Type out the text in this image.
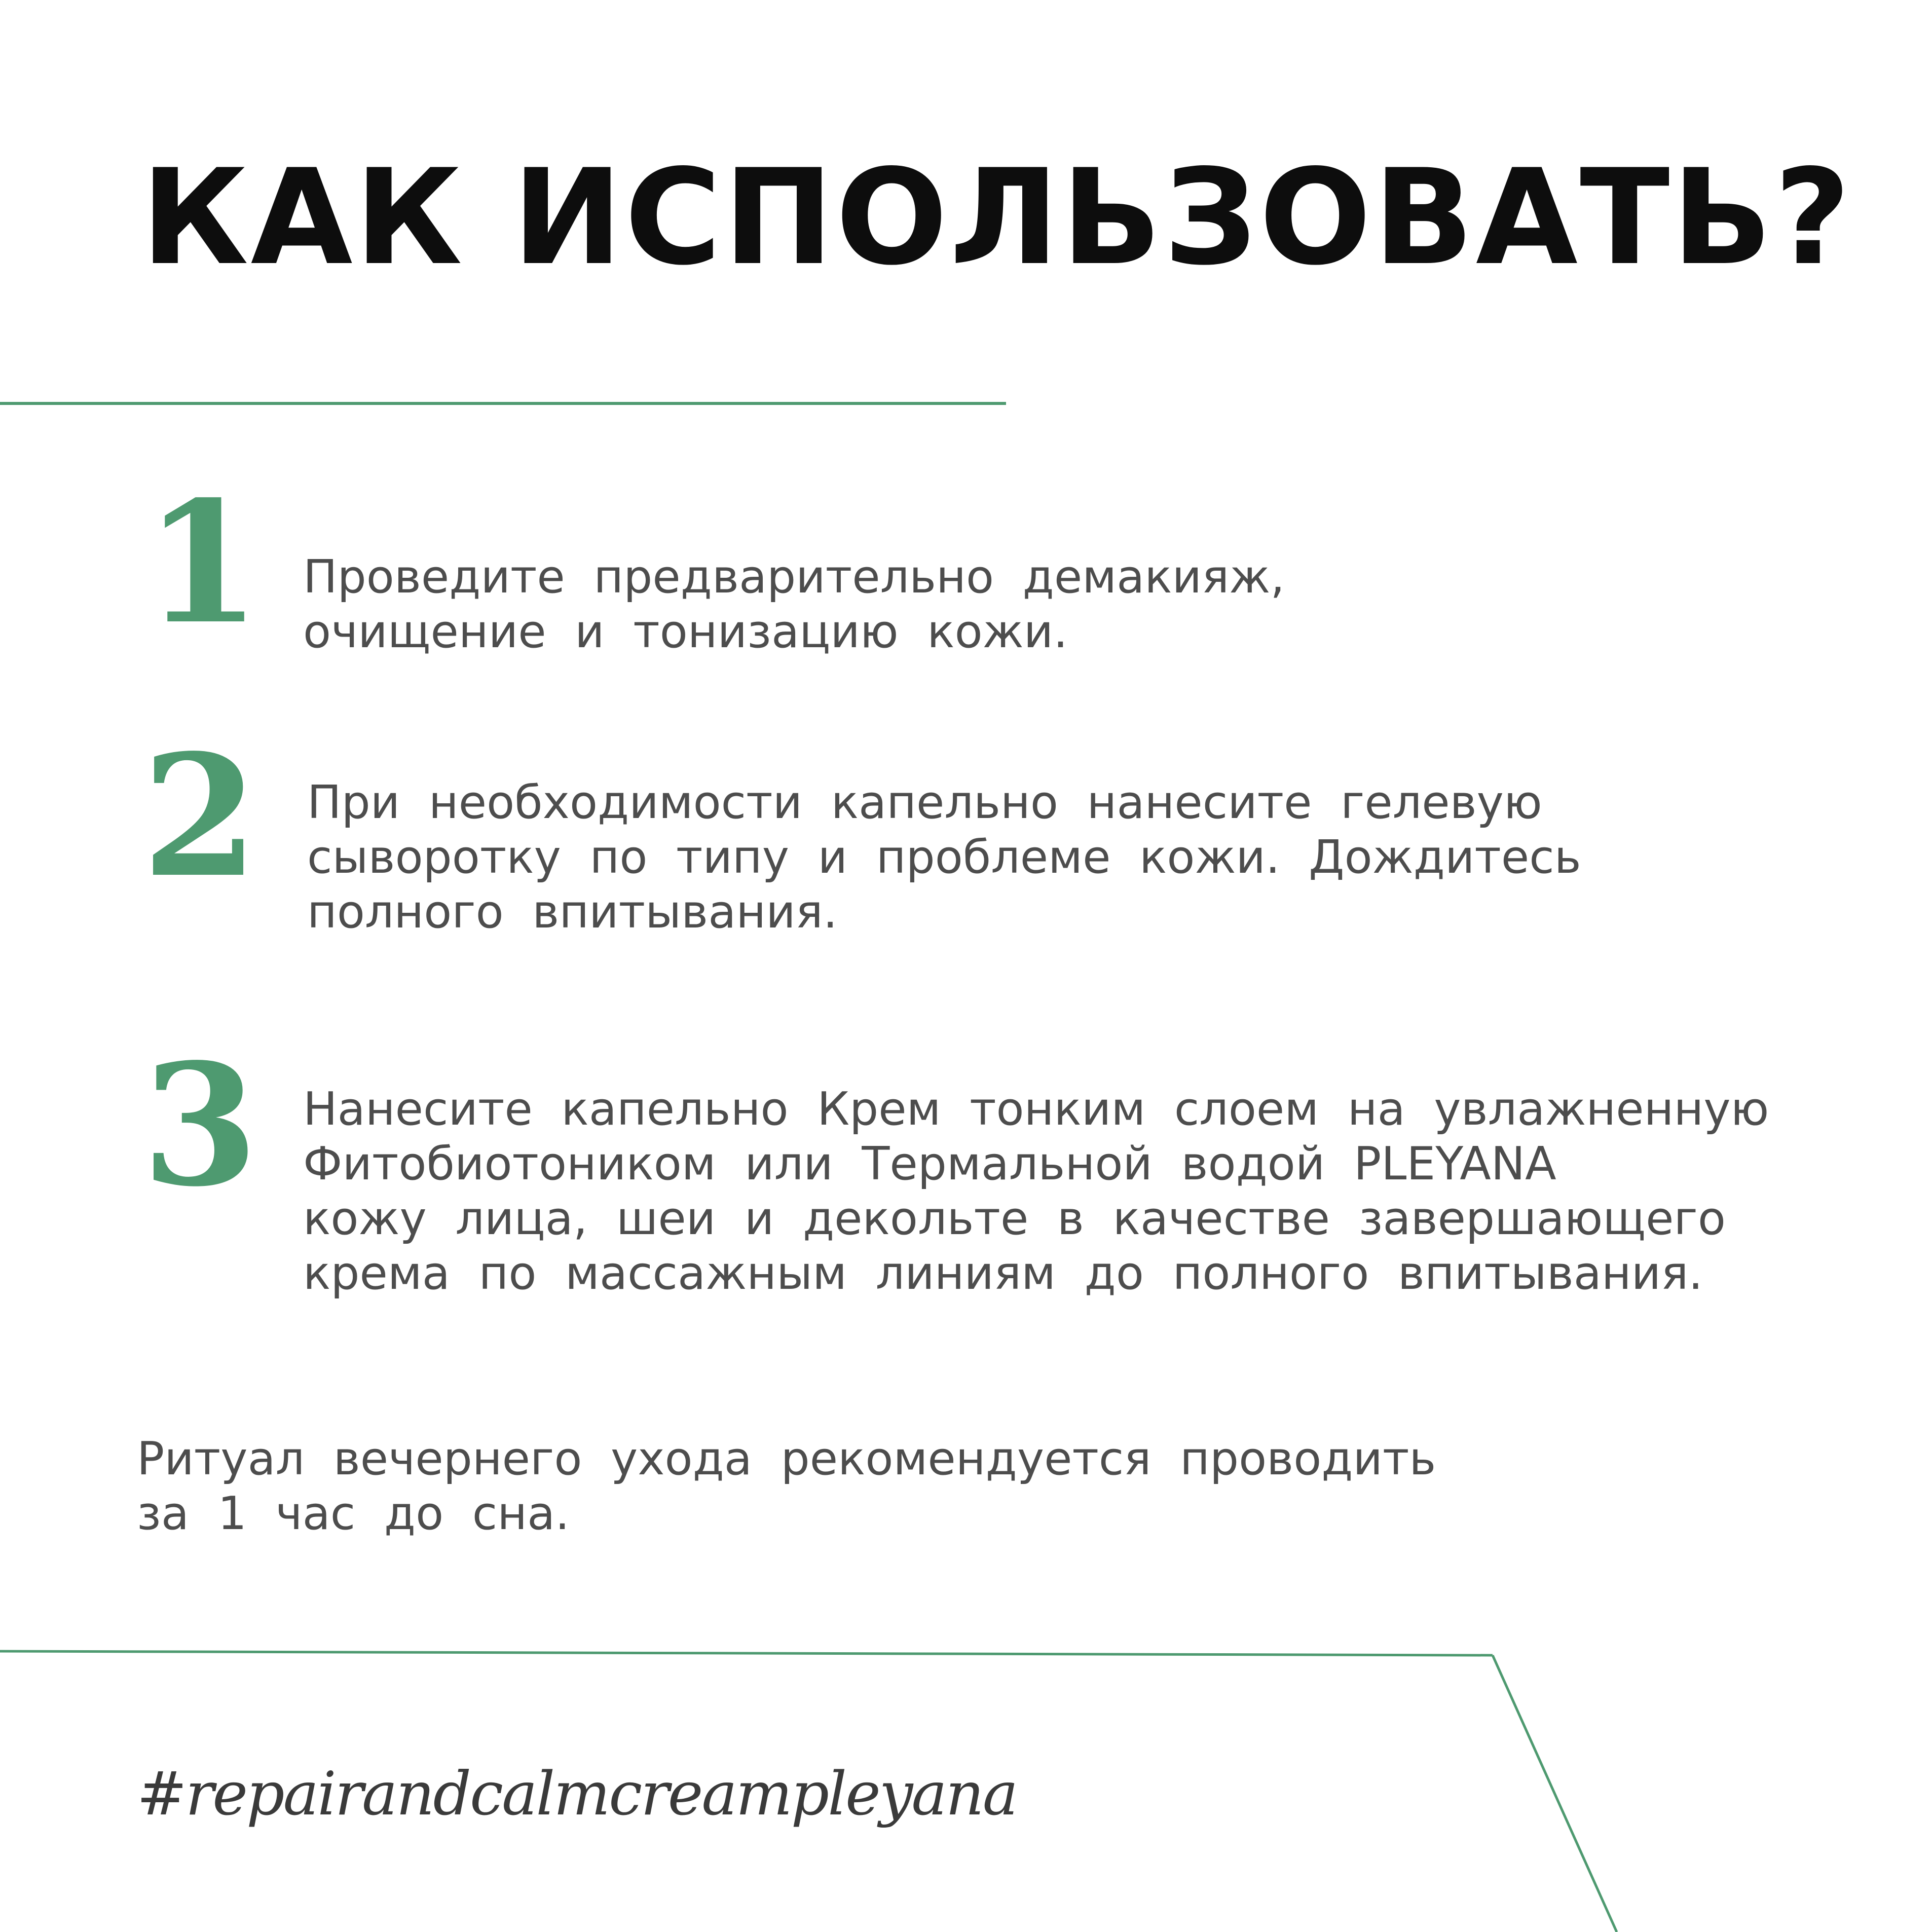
КАК ИСПОЛЬЗОВАТЬ?
1 Проведите предварительно демакияж,
очищение и тонизацию кожи.

2 При необходимости капельно нанесите гелевую
сыворотку по типу и проблеме кожи. Дождитесь
полного впитывания.

3 Нанесите капельно Крем тонким слоем на увлажненную
Фитобиотоником или Термальной водой PLEYANA
кожу лица, шеи и декольте в качестве завершающего
крема по массажным линиям до полного впитывания.

Ритуал вечернего ухода рекомендуется проводить
за 1 час до сна.

#repairandcalmcreampleyana
